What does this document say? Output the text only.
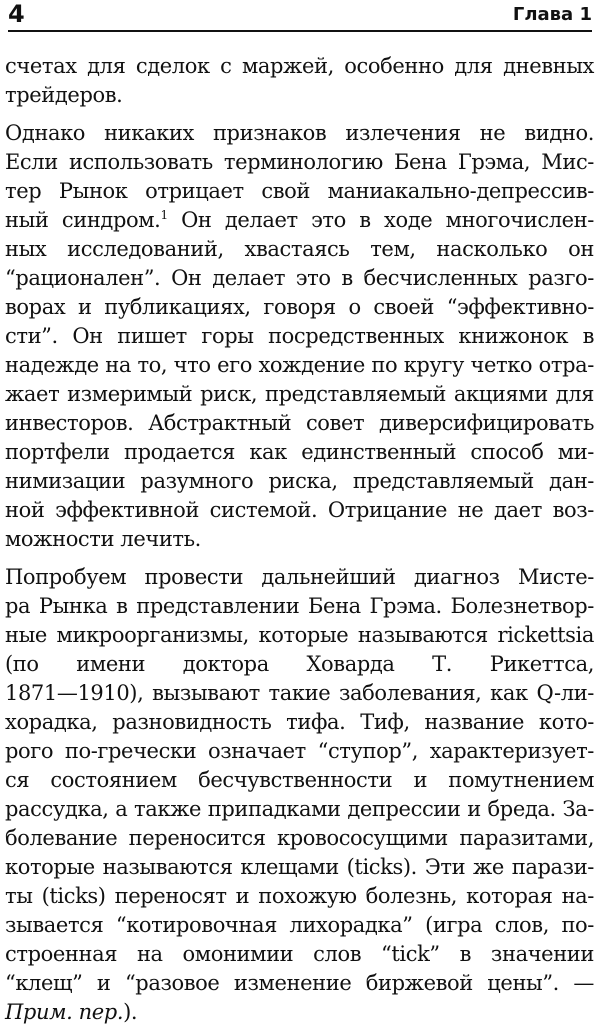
4	Глава 1
счетах для сделок с маржей, особенно для дневных
трейдеров.
Однако никаких признаков излечения не видно.
Если использовать терминологию Бена Грэма, Мис-
тер Рынок отрицает свой маниакально-депрессив-
ный синдром.$^1$ Он делает это в ходе многочислен-
ных исследований, хвастаясь тем, насколько он
“рационален”. Он делает это в бесчисленных разго-
ворах и публикациях, говоря о своей “эффективно-
сти”. Он пишет горы посредственных книжонок в
надежде на то, что его хождение по кругу четко отра-
жает измеримый риск, представляемый акциями для
инвесторов. Абстрактный совет диверсифицировать
портфели продается как единственный способ ми-
нимизации разумного риска, представляемый дан-
ной эффективной системой. Отрицание не дает воз-
можности лечить.
Попробуем провести дальнейший диагноз Мисте-
ра Рынка в представлении Бена Грэма. Болезнетвор-
ные микроорганизмы, которые называются rickettsia
(по имени доктора Ховарда Т. Рикеттса,
1871—1910), вызывают такие заболевания, как Q-ли-
хорадка, разновидность тифа. Тиф, название кото-
рого по-гречески означает “ступор”, характеризует-
ся состоянием бесчувственности и помутнением
рассудка, а также припадками депрессии и бреда. За-
болевание переносится кровососущими паразитами,
которые называются клещами (ticks). Эти же парази-
ты (ticks) переносят и похожую болезнь, которая на-
зывается “котировочная лихорадка” (игра слов, по-
строенная на омонимии слов “tick” в значении
“клещ” и “разовое изменение биржевой цены”. —
Прим. пер.).
